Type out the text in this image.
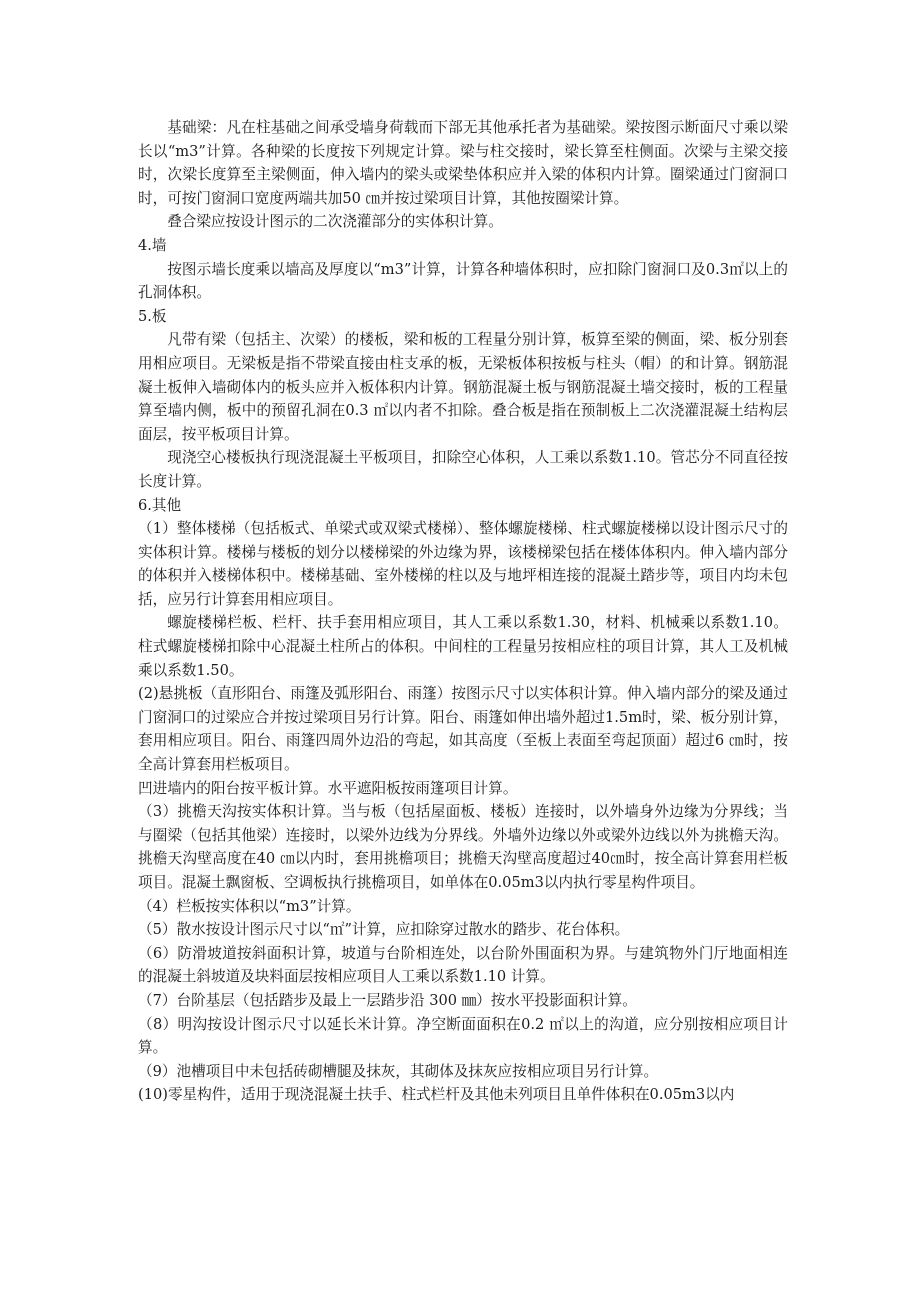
基础梁：凡在柱基础之间承受墙身荷载而下部无其他承托者为基础梁。梁按图示断面尺寸乘以梁长以“m3”计算。各种梁的长度按下列规定计算。梁与柱交接时，梁长算至柱侧面。次梁与主梁交接时，次梁长度算至主梁侧面，伸入墙内的梁头或梁垫体积应并入梁的体积内计算。圈梁通过门窗洞口时，可按门窗洞口宽度两端共加50 ㎝并按过梁项目计算，其他按圈梁计算。

叠合梁应按设计图示的二次浇灌部分的实体积计算。

4.墙

按图示墙长度乘以墙高及厚度以“m3”计算，计算各种墙体积时，应扣除门窗洞口及0.3㎡以上的孔洞体积。

5.板

凡带有梁（包括主、次梁）的楼板，梁和板的工程量分别计算，板算至梁的侧面，梁、板分别套用相应项目。无梁板是指不带梁直接由柱支承的板，无梁板体积按板与柱头（帽）的和计算。钢筋混凝土板伸入墙砌体内的板头应并入板体积内计算。钢筋混凝土板与钢筋混凝土墙交接时，板的工程量算至墙内侧，板中的预留孔洞在0.3 ㎡以内者不扣除。叠合板是指在预制板上二次浇灌混凝土结构层面层，按平板项目计算。

现浇空心楼板执行现浇混凝土平板项目，扣除空心体积，人工乘以系数1.10。管芯分不同直径按长度计算。

6.其他

（1）整体楼梯（包括板式、单梁式或双梁式楼梯）、整体螺旋楼梯、柱式螺旋楼梯以设计图示尺寸的实体积计算。楼梯与楼板的划分以楼梯梁的外边缘为界，该楼梯梁包括在楼体体积内。伸入墙内部分的体积并入楼梯体积中。楼梯基础、室外楼梯的柱以及与地坪相连接的混凝土踏步等，项目内均未包括，应另行计算套用相应项目。

螺旋楼梯栏板、栏杆、扶手套用相应项目，其人工乘以系数1.30，材料、机械乘以系数1.10。 柱式螺旋楼梯扣除中心混凝土柱所占的体积。中间柱的工程量另按相应柱的项目计算，其人工及机械乘以系数1.50。

(2)悬挑板（直形阳台、雨篷及弧形阳台、雨篷）按图示尺寸以实体积计算。伸入墙内部分的梁及通过门窗洞口的过梁应合并按过梁项目另行计算。阳台、雨篷如伸出墙外超过1.5m时，梁、板分别计算，套用相应项目。阳台、雨篷四周外边沿的弯起，如其高度（至板上表面至弯起顶面）超过6 ㎝时，按全高计算套用栏板项目。

凹进墙内的阳台按平板计算。水平遮阳板按雨篷项目计算。

（3）挑檐天沟按实体积计算。当与板（包括屋面板、楼板）连接时，以外墙身外边缘为分界线；当与圈梁（包括其他梁）连接时，以梁外边线为分界线。外墙外边缘以外或梁外边线以外为挑檐天沟。挑檐天沟壁高度在40 ㎝以内时，套用挑檐项目；挑檐天沟壁高度超过40㎝时，按全高计算套用栏板项目。混凝土飘窗板、空调板执行挑檐项目，如单体在0.05m3以内执行零星构件项目。

（4）栏板按实体积以“m3”计算。

（5）散水按设计图示尺寸以“㎡”计算，应扣除穿过散水的踏步、花台体积。

（6）防滑坡道按斜面积计算，坡道与台阶相连处，以台阶外围面积为界。与建筑物外门厅地面相连的混凝土斜坡道及块料面层按相应项目人工乘以系数1.10 计算。

（7）台阶基层（包括踏步及最上一层踏步沿 300 ㎜）按水平投影面积计算。

（8）明沟按设计图示尺寸以延长米计算。净空断面面积在0.2 ㎡以上的沟道，应分别按相应项目计算。

（9）池槽项目中未包括砖砌槽腿及抹灰，其砌体及抹灰应按相应项目另行计算。

(10)零星构件，适用于现浇混凝土扶手、柱式栏杆及其他未列项目且单件体积在0.05m3以内
